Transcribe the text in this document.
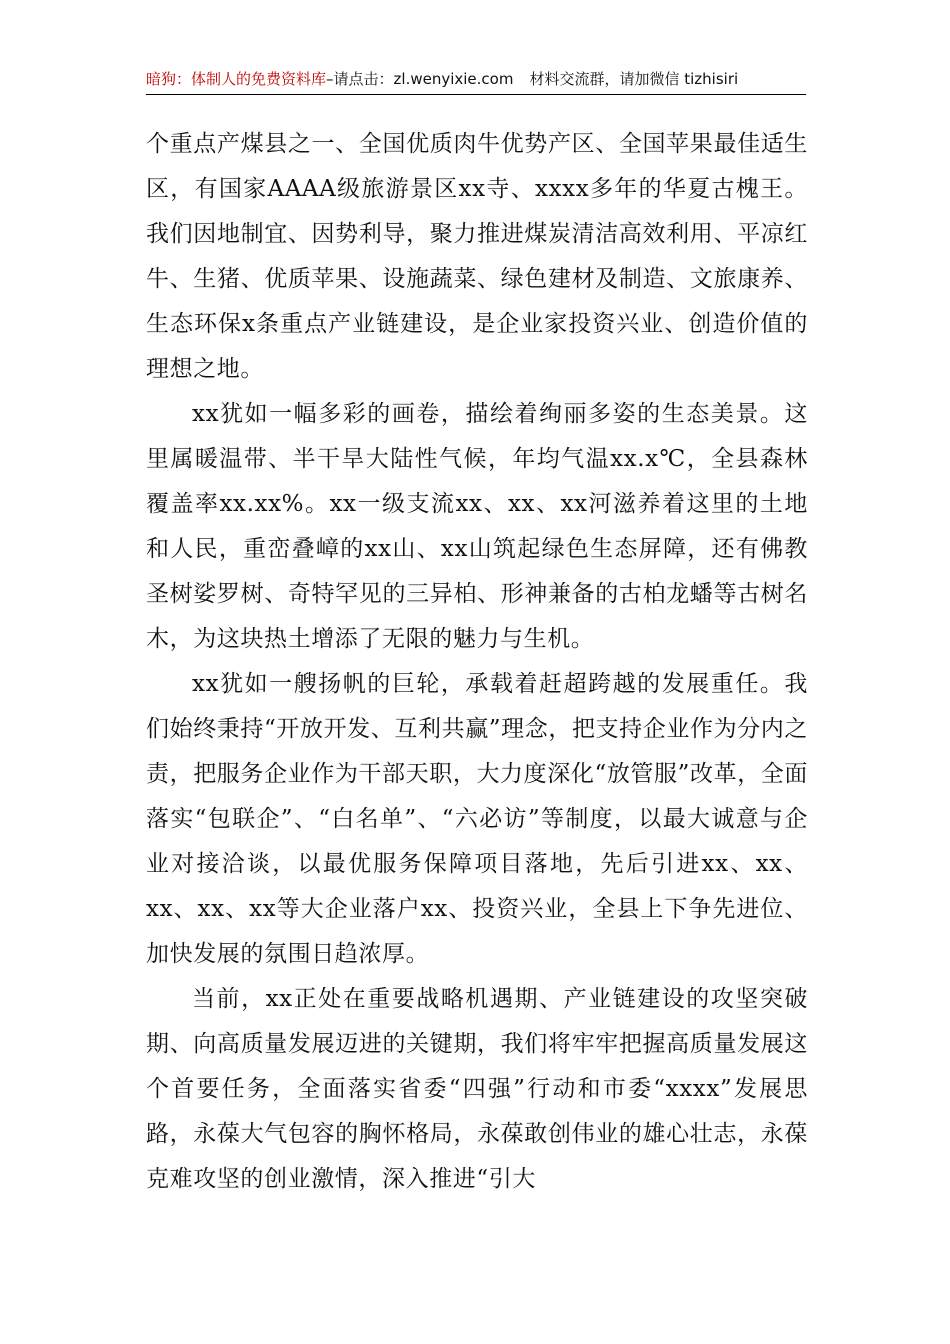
暗狗：体制人的免费资料库–请点击：zl.wenyixie.com 材料交流群，请加微信 tizhisiri

个重点产煤县之一、全国优质肉牛优势产区、全国苹果最佳适生区，有国家AAAA级旅游景区xx寺、xxxx多年的华夏古槐王。我们因地制宜、因势利导，聚力推进煤炭清洁高效利用、平凉红牛、生猪、优质苹果、设施蔬菜、绿色建材及制造、文旅康养、生态环保x条重点产业链建设，是企业家投资兴业、创造价值的理想之地。

xx犹如一幅多彩的画卷，描绘着绚丽多姿的生态美景。这里属暖温带、半干旱大陆性气候，年均气温xx.x℃，全县森林覆盖率xx.xx%。xx一级支流xx、xx、xx河滋养着这里的土地和人民，重峦叠嶂的xx山、xx山筑起绿色生态屏障，还有佛教圣树娑罗树、奇特罕见的三异柏、形神兼备的古柏龙蟠等古树名木，为这块热土增添了无限的魅力与生机。

xx犹如一艘扬帆的巨轮，承载着赶超跨越的发展重任。我们始终秉持“开放开发、互利共赢”理念，把支持企业作为分内之责，把服务企业作为干部天职，大力度深化“放管服”改革，全面落实“包联企”、“白名单”、“六必访”等制度，以最大诚意与企业对接洽谈，以最优服务保障项目落地，先后引进xx、xx、xx、xx、xx等大企业落户xx、投资兴业，全县上下争先进位、加快发展的氛围日趋浓厚。

当前，xx正处在重要战略机遇期、产业链建设的攻坚突破期、向高质量发展迈进的关键期，我们将牢牢把握高质量发展这个首要任务，全面落实省委“四强”行动和市委“xxxx”发展思路，永葆大气包容的胸怀格局，永葆敢创伟业的雄心壮志，永葆克难攻坚的创业激情，深入推进“引大
